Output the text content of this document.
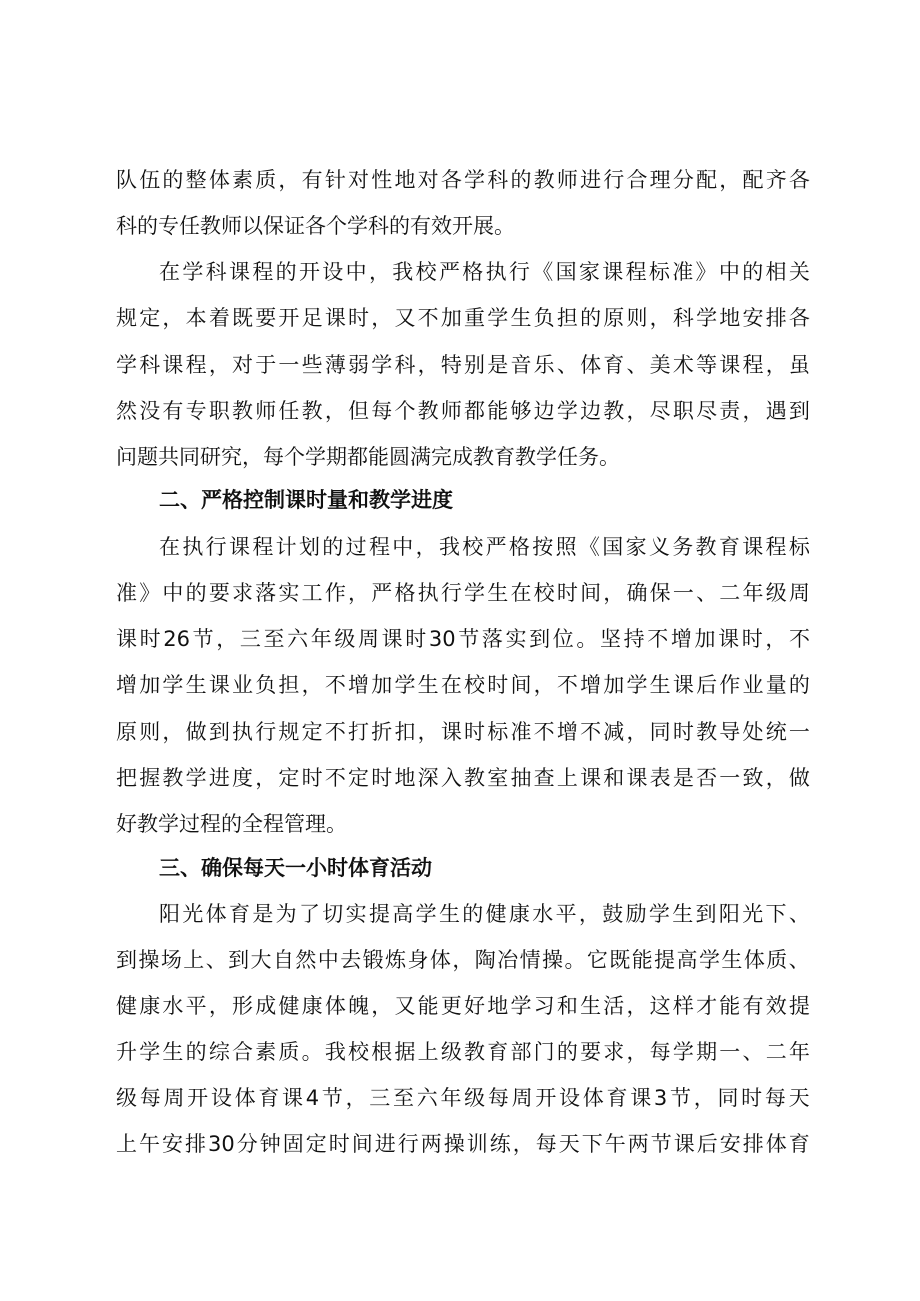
队 伍 的 整 体 素 质 ， 有 针 对 性 地 对 各 学 科 的 教 师 进 行 合 理 分 配 ， 配 齐 各
科的专任教师以保证各个学科的有效开展。
在 学 科 课 程 的 开 设 中 ， 我 校 严 格 执 行 《 国 家 课 程 标 准 》 中 的 相 关
规 定 ， 本 着 既 要 开 足 课 时 ， 又 不 加 重 学 生 负 担 的 原 则 ， 科 学 地 安 排 各
学 科 课 程 ， 对 于 一 些 薄 弱 学 科 ， 特 别 是 音 乐 、 体 育 、 美 术 等 课 程 ， 虽
然 没 有 专 职 教 师 任 教 ， 但 每 个 教 师 都 能 够 边 学 边 教 ， 尽 职 尽 责 ， 遇 到
问题共同研究，每个学期都能圆满完成教育教学任务。
二、严格控制课时量和教学进度
在 执 行 课 程 计 划 的 过 程 中 ， 我 校 严 格 按 照 《 国 家 义 务 教 育 课 程 标
准 》 中 的 要 求 落 实 工 作 ， 严 格 执 行 学 生 在 校 时 间 ， 确 保 一 、 二 年 级 周
课 时 26 节 ， 三 至 六 年 级 周 课 时 30 节 落 实 到 位 。 坚 持 不 增 加 课 时 ， 不
增 加 学 生 课 业 负 担 ， 不 增 加 学 生 在 校 时 间 ， 不 增 加 学 生 课 后 作 业 量 的
原 则 ， 做 到 执 行 规 定 不 打 折 扣 ， 课 时 标 准 不 增 不 减 ， 同 时 教 导 处 统 一
把 握 教 学 进 度 ， 定 时 不 定 时 地 深 入 教 室 抽 查 上 课 和 课 表 是 否 一 致 ， 做
好教学过程的全程管理。
三、确保每天一小时体育活动
阳 光 体 育 是 为 了 切 实 提 高 学 生 的 健 康 水 平 ， 鼓 励 学 生 到 阳 光 下 、
到 操 场 上 、 到 大 自 然 中 去 锻 炼 身 体 ， 陶 冶 情 操 。 它 既 能 提 高 学 生 体 质 、
健 康 水 平 ， 形 成 健 康 体 魄 ， 又 能 更 好 地 学 习 和 生 活 ， 这 样 才 能 有 效 提
升 学 生 的 综 合 素 质 。 我 校 根 据 上 级 教 育 部 门 的 要 求 ， 每 学 期 一 、 二 年
级 每 周 开 设 体 育 课 4 节 ， 三 至 六 年 级 每 周 开 设 体 育 课 3 节 ， 同 时 每 天
上 午 安 排 30 分 钟 固 定 时 间 进 行 两 操 训 练 ， 每 天 下 午 两 节 课 后 安 排 体 育
